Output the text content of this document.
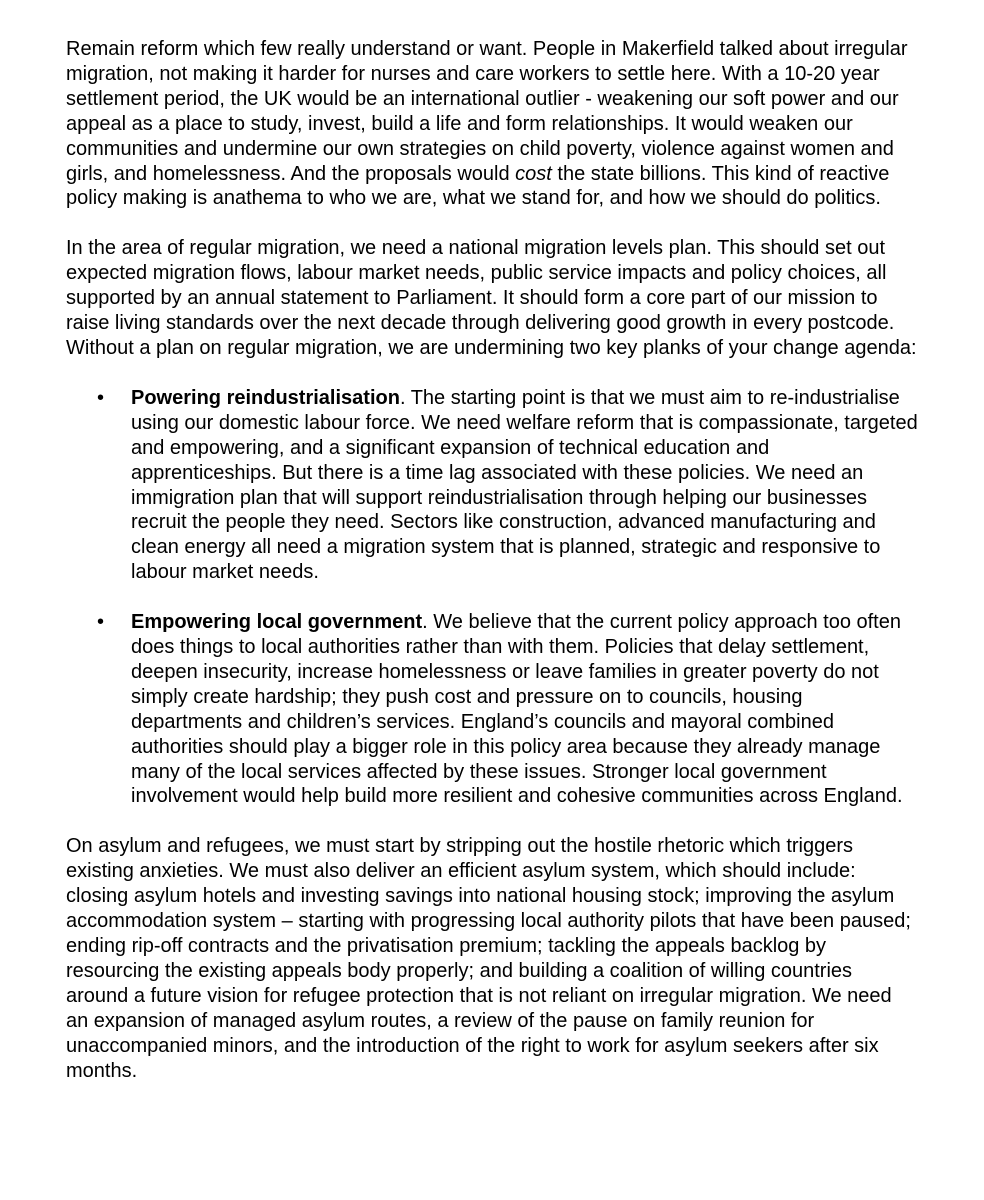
Remain reform which few really understand or want. People in Makerfield talked about irregular migration, not making it harder for nurses and care workers to settle here. With a 10-20 year settlement period, the UK would be an international outlier - weakening our soft power and our appeal as a place to study, invest, build a life and form relationships. It would weaken our communities and undermine our own strategies on child poverty, violence against women and girls, and homelessness. And the proposals would cost the state billions. This kind of reactive policy making is anathema to who we are, what we stand for, and how we should do politics.

In the area of regular migration, we need a national migration levels plan. This should set out expected migration flows, labour market needs, public service impacts and policy choices, all supported by an annual statement to Parliament. It should form a core part of our mission to raise living standards over the next decade through delivering good growth in every postcode. Without a plan on regular migration, we are undermining two key planks of your change agenda:

• Powering reindustrialisation. The starting point is that we must aim to re-industrialise using our domestic labour force. We need welfare reform that is compassionate, targeted and empowering, and a significant expansion of technical education and apprenticeships. But there is a time lag associated with these policies. We need an immigration plan that will support reindustrialisation through helping our businesses recruit the people they need. Sectors like construction, advanced manufacturing and clean energy all need a migration system that is planned, strategic and responsive to labour market needs.
• Empowering local government. We believe that the current policy approach too often does things to local authorities rather than with them. Policies that delay settlement, deepen insecurity, increase homelessness or leave families in greater poverty do not simply create hardship; they push cost and pressure on to councils, housing departments and children’s services. England’s councils and mayoral combined authorities should play a bigger role in this policy area because they already manage many of the local services affected by these issues. Stronger local government involvement would help build more resilient and cohesive communities across England.

On asylum and refugees, we must start by stripping out the hostile rhetoric which triggers existing anxieties. We must also deliver an efficient asylum system, which should include: closing asylum hotels and investing savings into national housing stock; improving the asylum accommodation system – starting with progressing local authority pilots that have been paused; ending rip-off contracts and the privatisation premium; tackling the appeals backlog by resourcing the existing appeals body properly; and building a coalition of willing countries around a future vision for refugee protection that is not reliant on irregular migration. We need an expansion of managed asylum routes, a review of the pause on family reunion for unaccompanied minors, and the introduction of the right to work for asylum seekers after six months.
